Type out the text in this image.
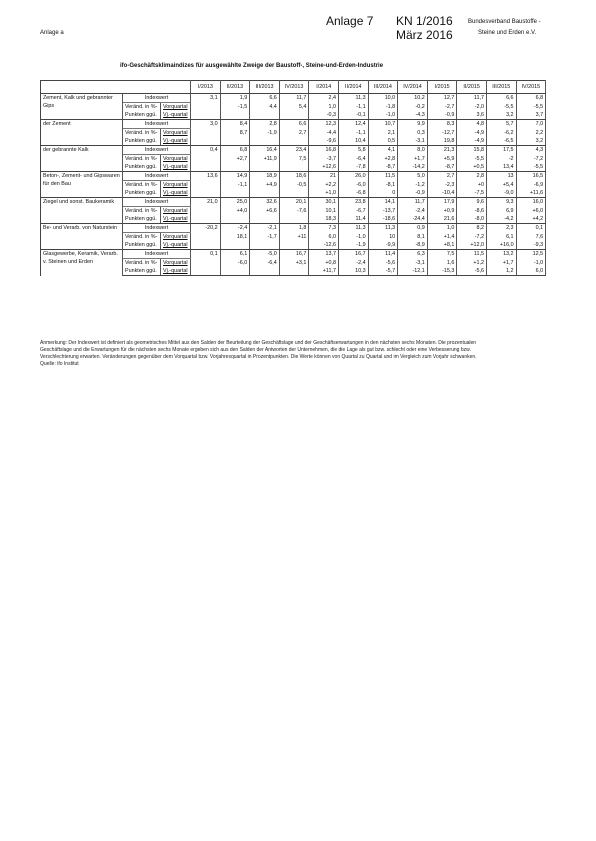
Anlage a
Anlage 7 KN 1/2016
März 2016
Bundesverband Baustoffe -
Steine und Erden e.V.
ifo-Geschäftsklimaindizes für ausgewählte Zweige der Baustoff-, Steine-und-Erden-Industrie
			I/2013	II/2013	III/2013	IV/2013	I/2014	II/2014	III/2014	IV/2014	I/2015	II/2015	III/2015	IV/2015
Zement, Kalk und gebrannter Gips	Indexwert		3,1	1,9	6,6	11,7	2,4	11,3	10,0	10,2	12,7	11,7	6,6	6,8
	Veränd. in %-	Vorquartal		-1,5	4,4	5,4	1,0	-1,1	-1,8	-0,2	-2,7	-2,0	-5,5	-5,5
	Punkten ggü.	Vj.-quartal					-0,3	-0,1	-1,0	-4,3	-0,9	3,6	3,2	3,7
der Zement	Indexwert		3,0	8,4	2,8	6,6	12,3	12,4	10,7	9,9	8,3	4,8	5,7	7,0
	Veränd. in %-	Vorquartal		8,7	-1,9	2,7	-4,4	-1,1	2,1	0,3	-12,7	-4,9	-6,2	2,2
	Punkten ggü.	Vj.-quartal					-9,6	10,4	0,5	-3,1	19,8	-4,9	-6,5	3,2
der gebrannte Kalk	Indexwert		0,4	6,8	16,4	23,4	16,8	5,8	4,1	8,0	21,3	15,8	17,5	4,3
	Veränd. in %-	Vorquartal		+2,7	+11,9	7,5	-3,7	-6,4	+2,8	+1,7	+5,9	-5,5	-2	-7,2
	Punkten ggü.	Vj.-quartal					+12,6	-7,8	-8,7	-14,2	-8,7	+0,5	13,4	-5,5
Beton-, Zement- und Gipswaren für den Bau	Indexwert		13,6	14,9	18,9	18,6	21	26,0	11,5	5,0	2,7	2,8	13	16,5
	Veränd. in %-	Vorquartal		-1,1	+4,9	-0,5	+2,2	-6,0	-8,1	-1,2	-2,3	+0	+5,4	-6,9
	Punkten ggü.	Vj.-quartal					+1,0	-6,8	0	-0,9	-10,4	-7,5	-9,0	+11,6
Ziegel und sonst. Baukeramik	Indexwert		21,0	25,0	32,6	20,1	30,1	23,8	14,1	11,7	17,9	9,6	9,3	16,0
	Veränd. in %-	Vorquartal		+4,0	+6,6	-7,6	10,1	-6,7	-13,7	-2,4	+0,9	-8,6	6,9	+6,0
	Punkten ggü.	Vj.-quartal					18,3	11,4	-18,6	-24,4	21,6	-8,0	-4,2	+4,2
Be- und Verarb. von Naturstein	Indexwert		-20,2	-2,4	-2,1	1,8	7,3	11,3	11,3	0,9	1,0	8,2	2,3	0,1
	Veränd. in %-	Vorquartal		18,1	-1,7	+11	6,0	-1,0	10	8,1	+1,4	-7,2	6,1	7,6
	Punkten ggü.	Vj.-quartal					-12,6	-1,9	-9,9	-8,9	+8,1	+12,0	+16,0	-9,3
Glasgewerbe, Keramik, Verarb. v. Steinen und Erden	Indexwert		0,1	6,1	-5,0	16,7	13,7	16,7	11,4	6,3	7,5	11,5	13,2	12,5
	Veränd. in %-	Vorquartal		-6,0	-6,4	+3,1	+0,8	-2,4	-5,6	-3,1	1,6	+1,2	+1,7	-1,0
	Punkten ggü.	Vj.-quartal					+11,7	10,3	-5,7	-12,1	-15,3	-5,6	1,2	6,0
Anmerkung: Der Indexwert ist definiert als geometrisches Mittel aus den Salden der Beurteilung der Geschäftslage und der Geschäftserwartungen in den nächsten sechs Monaten. Die prozentualen
Geschäftslage und die Erwartungen für die nächsten sechs Monate ergeben sich aus den Salden der Antworten der Unternehmen, die die Lage als gut bzw. schlecht oder eine Verbesserung bzw.
Verschlechterung erwarten. Veränderungen gegenüber dem Vorquartal bzw. Vorjahresquartal in Prozentpunkten. Die Werte können von Quartal zu Quartal und im Vergleich zum Vorjahr schwanken.
Quelle: ifo Institut
